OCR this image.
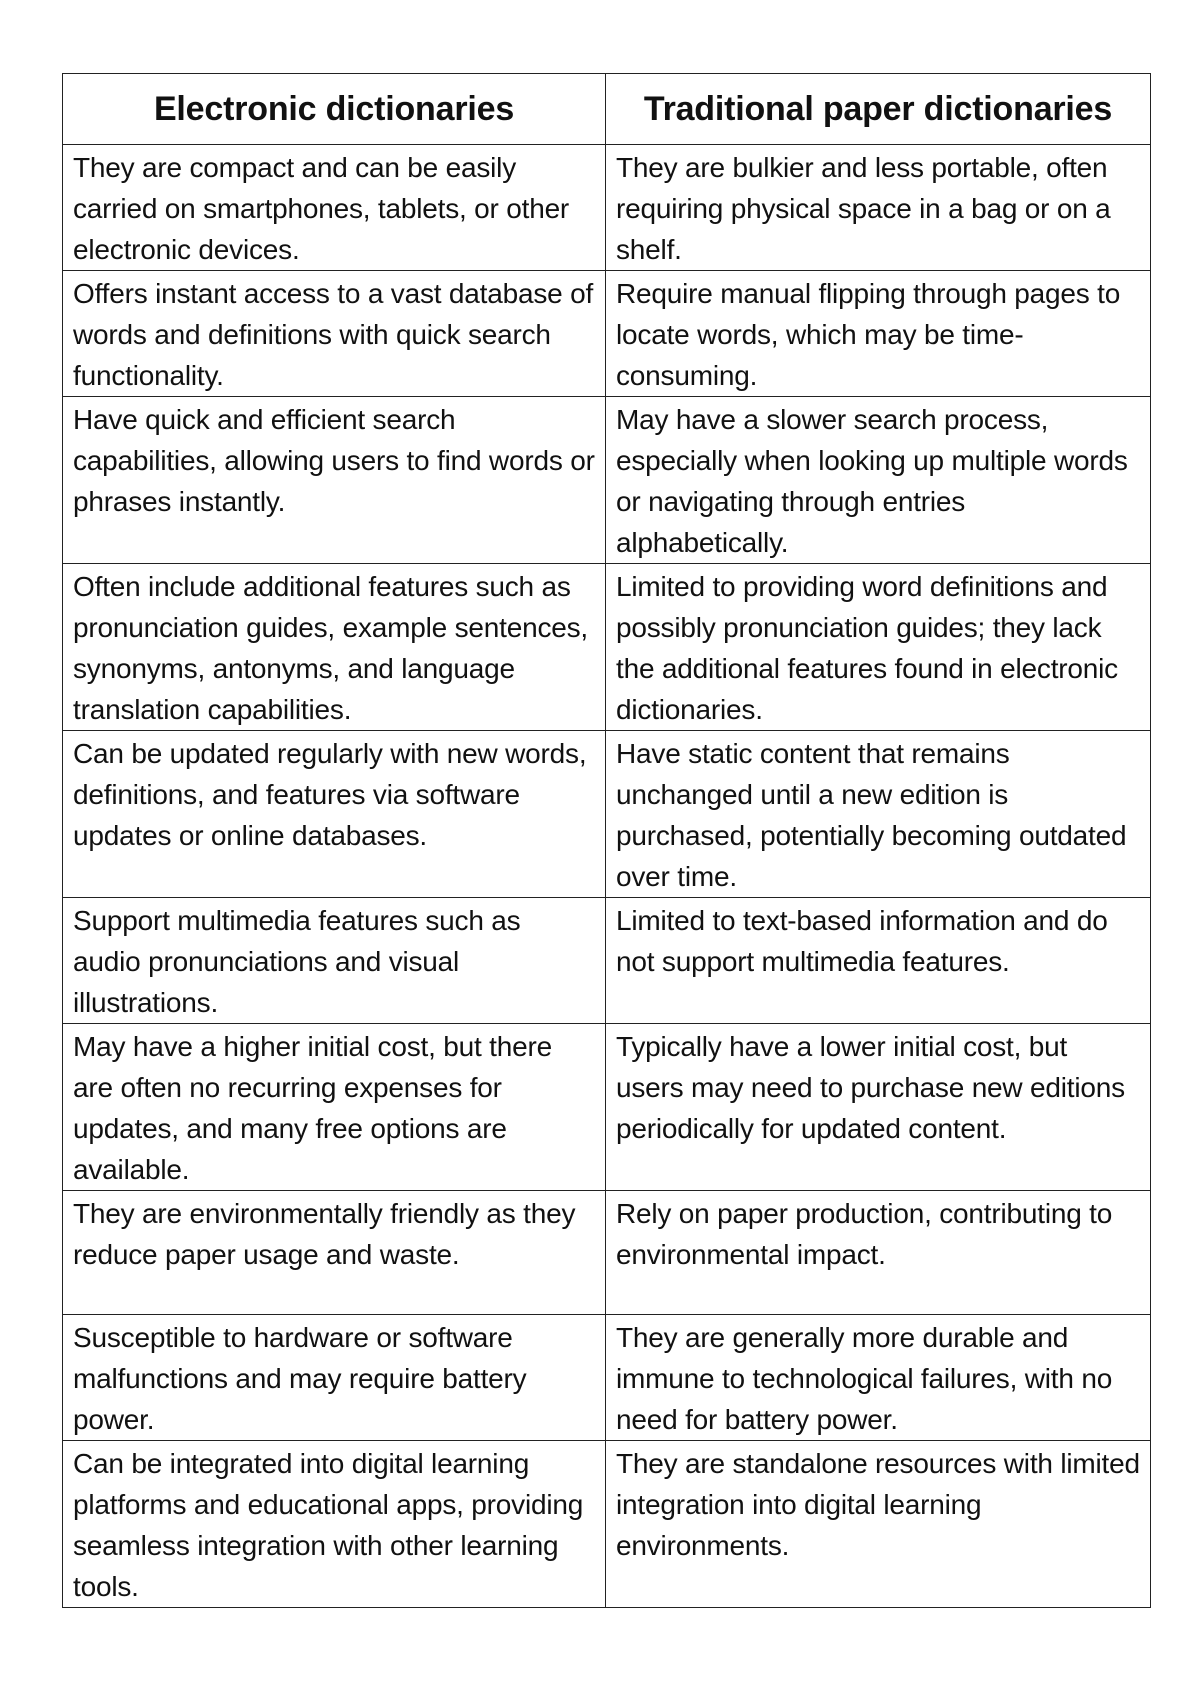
Electronic dictionaries	Traditional paper dictionaries
They are compact and can be easily carried on smartphones, tablets, or other electronic devices.	They are bulkier and less portable, often requiring physical space in a bag or on a shelf.
Offers instant access to a vast database of words and definitions with quick search functionality.	Require manual flipping through pages to locate words, which may be time-consuming.
Have quick and efficient search capabilities, allowing users to find words or phrases instantly.	May have a slower search process, especially when looking up multiple words or navigating through entries alphabetically.
Often include additional features such as pronunciation guides, example sentences, synonyms, antonyms, and language translation capabilities.	Limited to providing word definitions and possibly pronunciation guides; they lack the additional features found in electronic dictionaries.
Can be updated regularly with new words, definitions, and features via software updates or online databases.	Have static content that remains unchanged until a new edition is purchased, potentially becoming outdated over time.
Support multimedia features such as audio pronunciations and visual illustrations.	Limited to text-based information and do not support multimedia features.
May have a higher initial cost, but there are often no recurring expenses for updates, and many free options are available.	Typically have a lower initial cost, but users may need to purchase new editions periodically for updated content.
They are environmentally friendly as they reduce paper usage and waste.	Rely on paper production, contributing to environmental impact.
Susceptible to hardware or software malfunctions and may require battery power.	They are generally more durable and immune to technological failures, with no need for battery power.
Can be integrated into digital learning platforms and educational apps, providing seamless integration with other learning tools.	They are standalone resources with limited integration into digital learning environments.
